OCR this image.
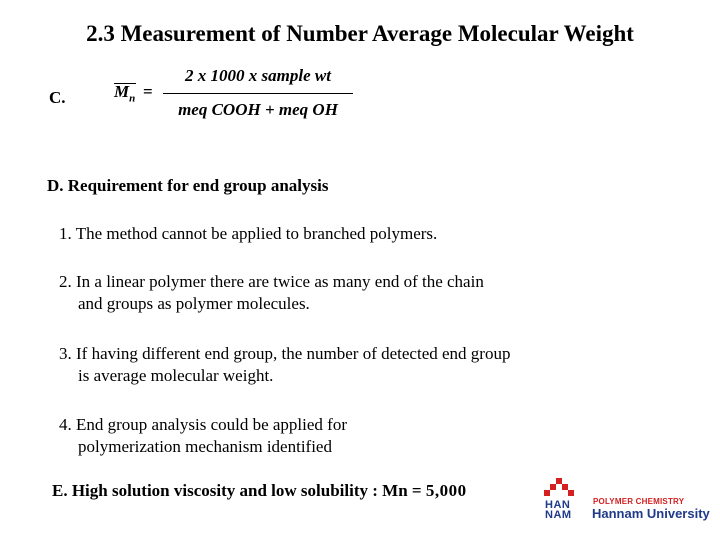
2.3 Measurement of Number Average Molecular Weight
C.	$M_n$ =
2 x 1000 x sample wt
meq COOH + meq OH
D. Requirement for end group analysis
1. The method cannot be applied to branched polymers.
2. In a linear polymer there are twice as many end of the chain
and groups as polymer molecules.
3. If having different end group, the number of detected end group
is average molecular weight.
4. End group analysis could be applied for
polymerization mechanism identified
E. High solution viscosity and low solubility : Mn = 5,000
HAN
NAM
POLYMER CHEMISTRY
Hannam University
